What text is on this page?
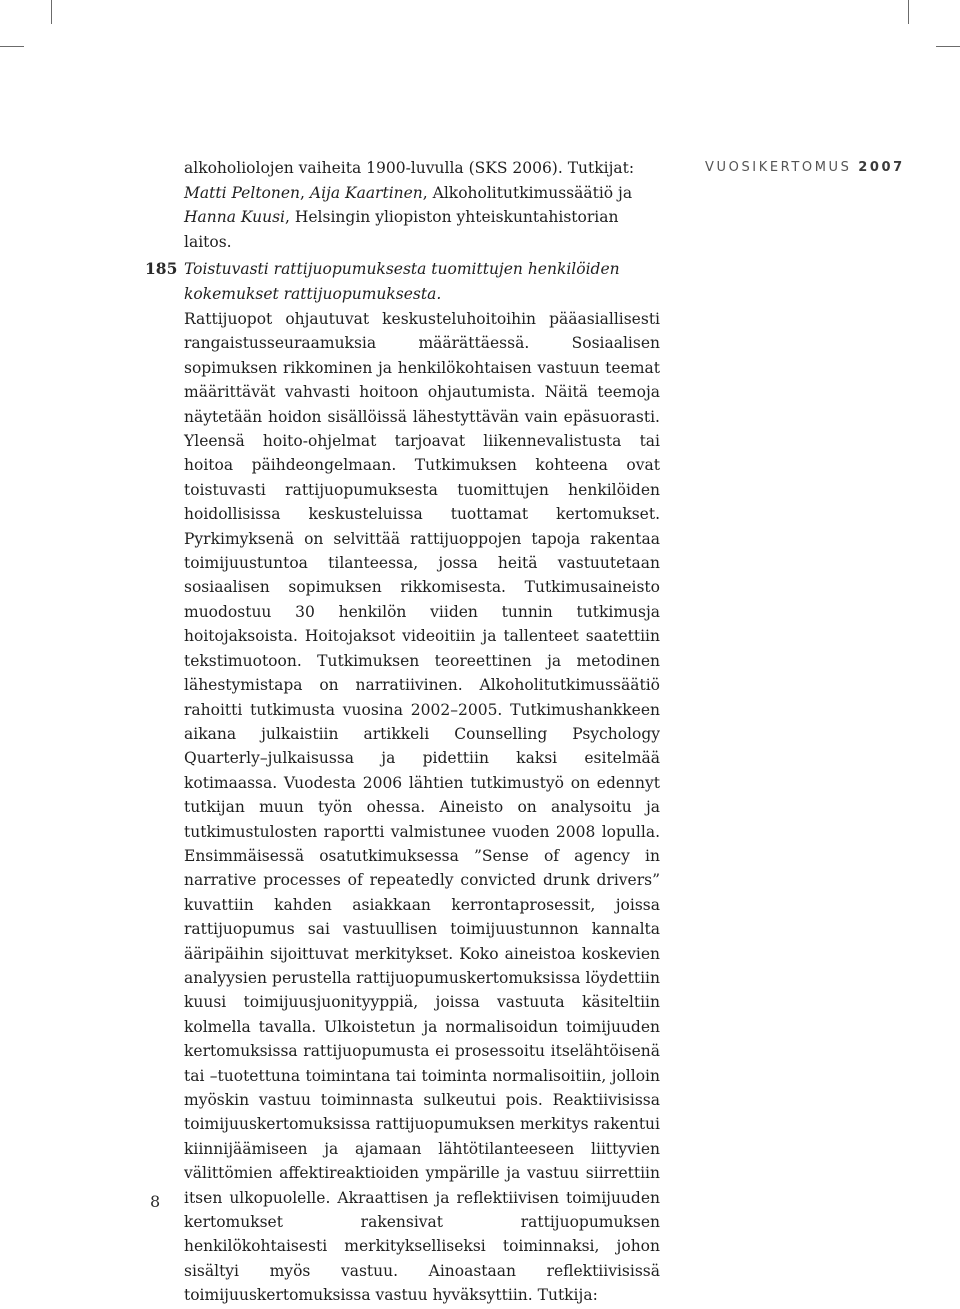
VUOSIKERTOMUS 2007

alkoholiolojen vaiheita 1900-luvulla (SKS 2006). Tutkijat: Matti Peltonen, Aija Kaartinen, Alkoholitutkimussäätiö ja Hanna Kuusi, Helsingin yliopiston yhteiskuntahistorian laitos.

185 Toistuvasti rattijuopumuksesta tuomittujen henkilöiden kokemukset rattijuopumuksesta.

Rattijuopot ohjautuvat keskusteluhoitoihin pääasiallisesti rangaistusseuraamuksia määrättäessä. Sosiaalisen sopimuksen rikkominen ja henkilökohtaisen vastuun teemat määrittävät vahvasti hoitoon ohjautumista. Näitä teemoja näytetään hoidon sisällöissä lähestyttävän vain epäsuorasti. Yleensä hoito-ohjelmat tarjoavat liikennevalistusta tai hoitoa päihdeongelmaan. Tutkimuksen kohteena ovat toistuvasti rattijuopumuksesta tuomittujen henkilöiden hoidollisissa keskusteluissa tuottamat kertomukset. Pyrkimyksenä on selvittää rattijuoppojen tapoja rakentaa toimijuustuntoa tilanteessa, jossa heitä vastuutetaan sosiaalisen sopimuksen rikkomisesta. Tutkimusaineisto muodostuu 30 henkilön viiden tunnin tutkimusja hoitojaksoista. Hoitojaksot videoitiin ja tallenteet saatettiin tekstimuotoon. Tutkimuksen teoreettinen ja metodinen lähestymistapa on narratiivinen. Alkoholitutkimussäätiö rahoitti tutkimusta vuosina 2002–2005. Tutkimushankkeen aikana julkaistiin artikkeli Counselling Psychology Quarterly–julkaisussa ja pidettiin kaksi esitelmää kotimaassa. Vuodesta 2006 lähtien tutkimustyö on edennyt tutkijan muun työn ohessa. Aineisto on analysoitu ja tutkimustulosten raportti valmistunee vuoden 2008 lopulla. Ensimmäisessä osatutkimuksessa ”Sense of agency in narrative processes of repeatedly convicted drunk drivers” kuvattiin kahden asiakkaan kerrontaprosessit, joissa rattijuopumus sai vastuullisen toimijuustunnon kannalta ääripäihin sijoittuvat merkitykset. Koko aineistoa koskevien analyysien perustella rattijuopumuskertomuksissa löydettiin kuusi toimijuusjuonityyppiä, joissa vastuuta käsiteltiin kolmella tavalla. Ulkoistetun ja normalisoidun toimijuuden kertomuksissa rattijuopumusta ei prosessoitu itselähtöisenä tai –tuotettuna toimintana tai toiminta normalisoitiin, jolloin myöskin vastuu toiminnasta sulkeutui pois. Reaktiivisissa toimijuuskertomuksissa rattijuopumuksen merkitys rakentui kiinnijäämiseen ja ajamaan lähtötilanteeseen liittyvien välittömien affektireaktioiden ympärille ja vastuu siirrettiin itsen ulkopuolelle. Akraattisen ja reflektiivisen toimijuuden kertomukset rakensivat rattijuopumuksen henkilökohtaisesti merkitykselliseksi toiminnaksi, johon sisältyi myös vastuu. Ainoastaan reflektiivisissä toimijuuskertomuksissa vastuu hyväksyttiin. Tutkija:

8
